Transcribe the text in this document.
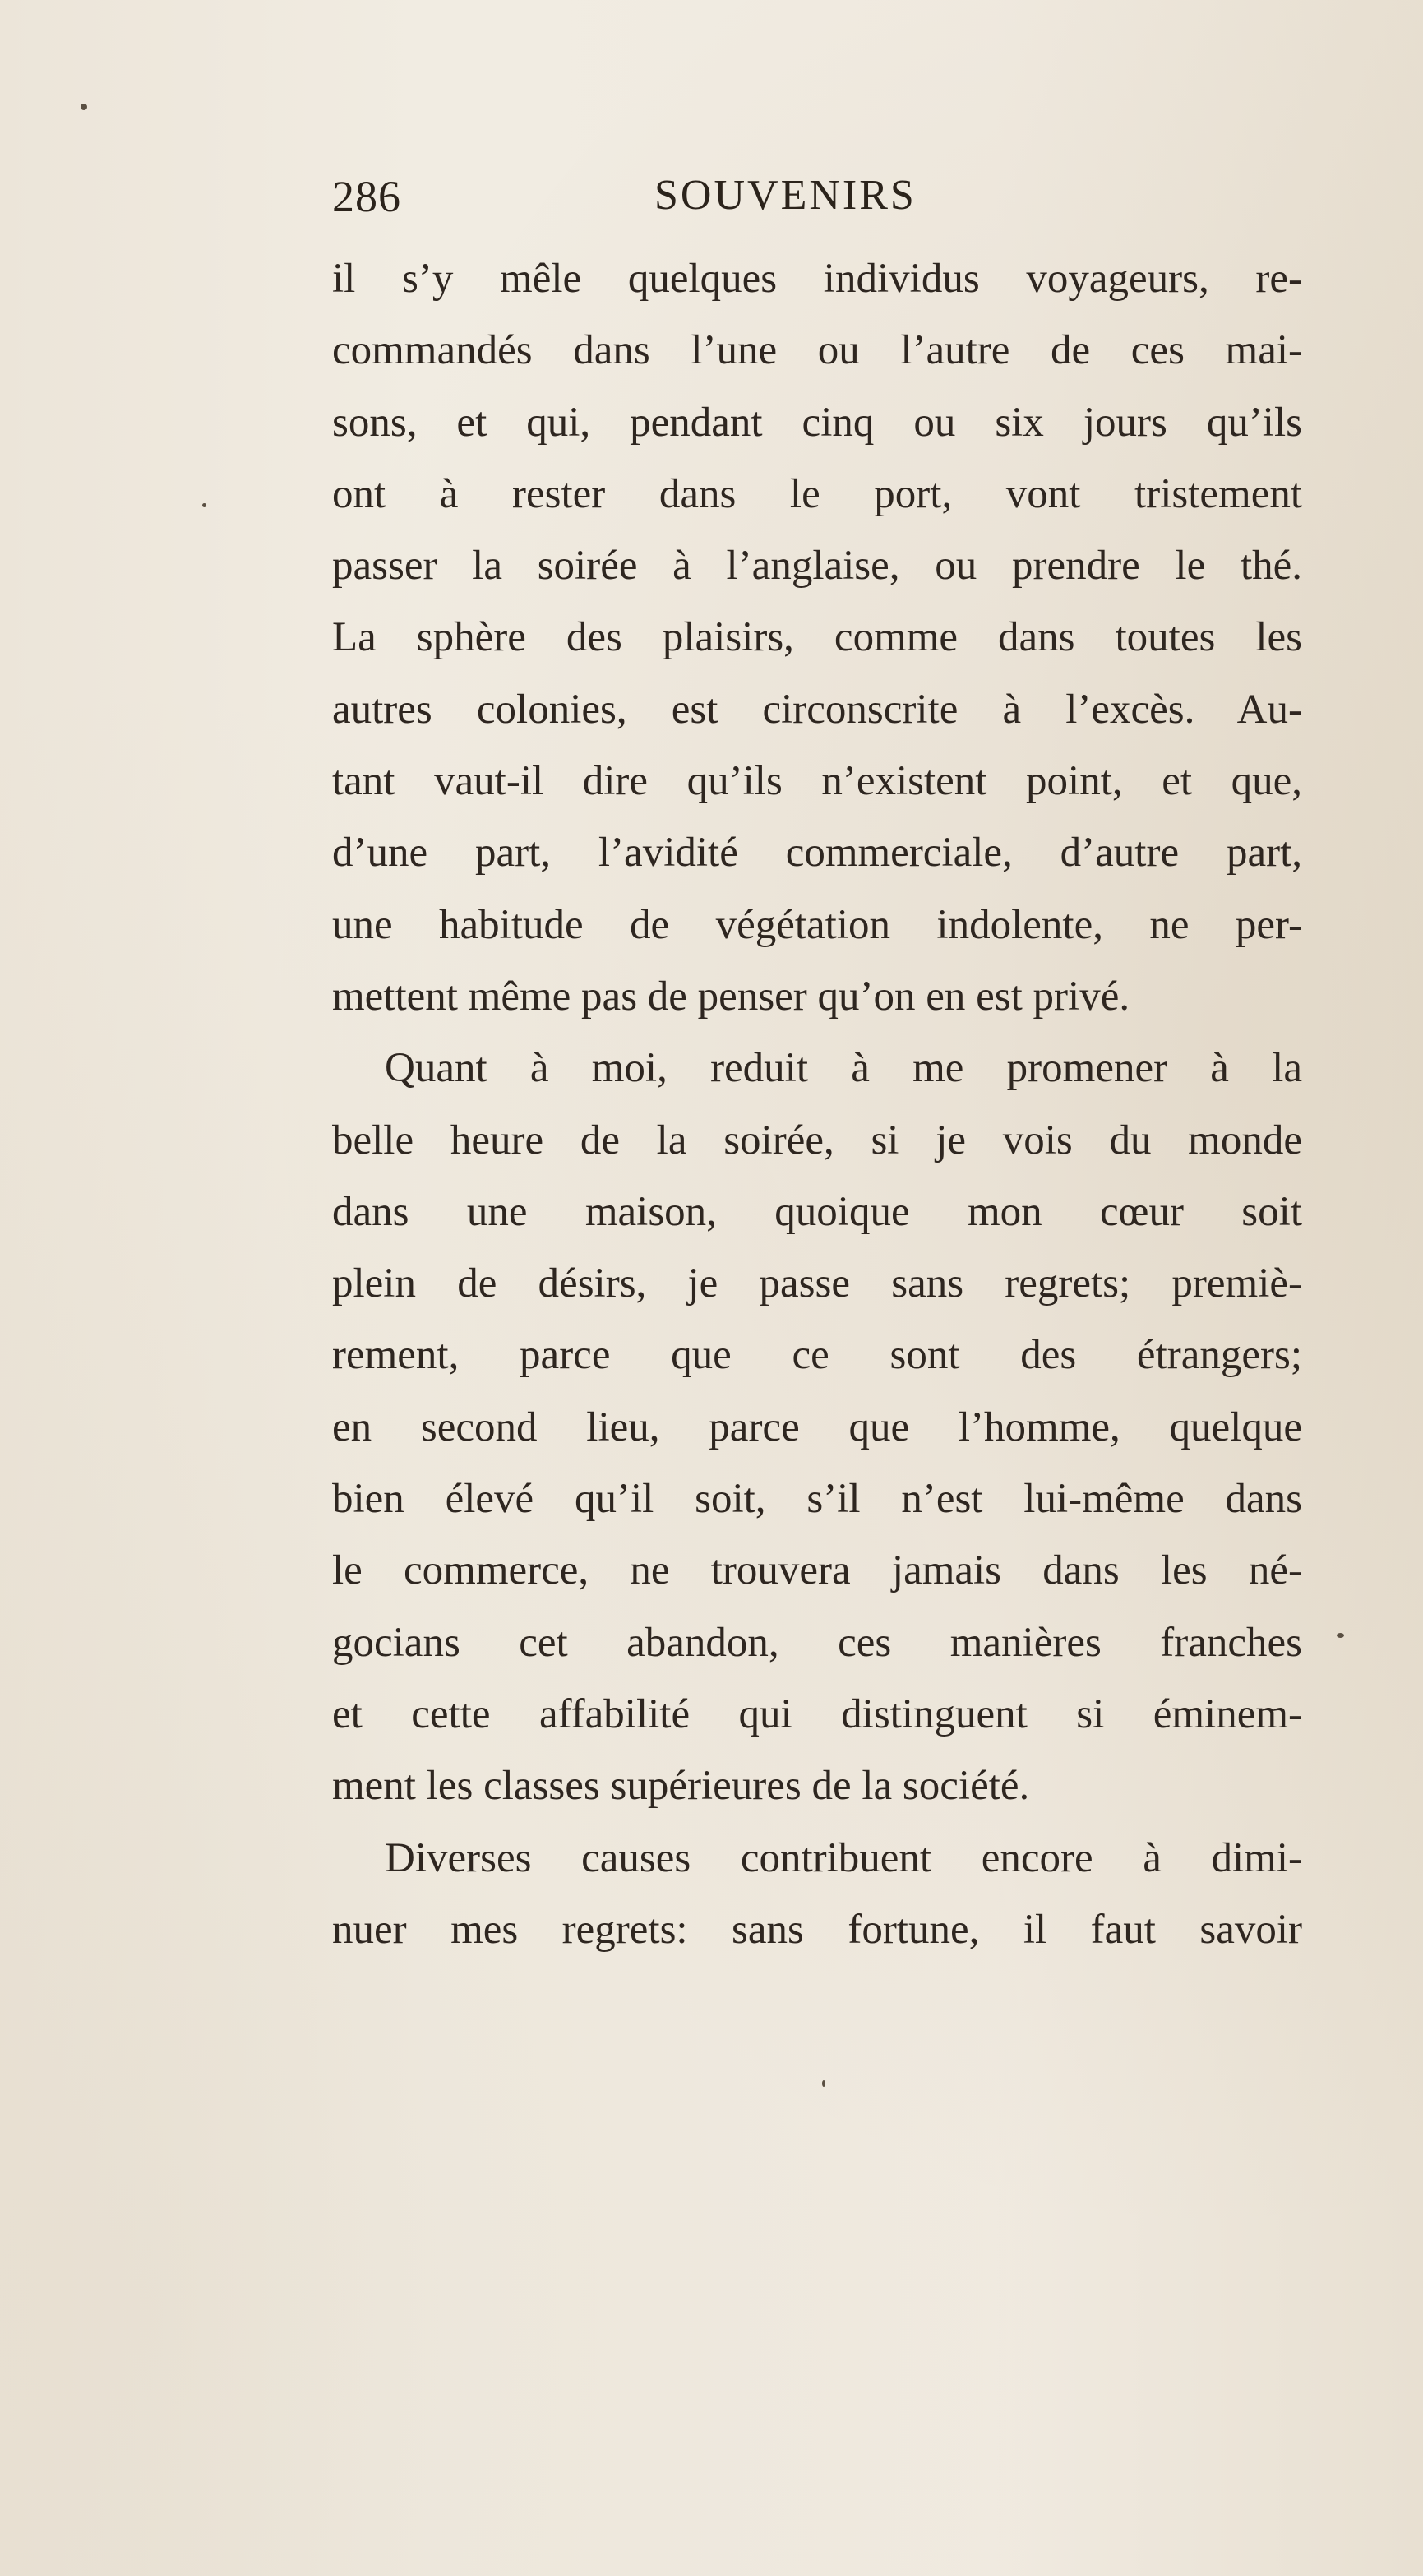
286	SOUVENIRS
il s’y mêle quelques individus voyageurs, re-
commandés dans l’une ou l’autre de ces mai-
sons, et qui, pendant cinq ou six jours qu’ils
ont à rester dans le port, vont tristement
passer la soirée à l’anglaise, ou prendre le thé.
La sphère des plaisirs, comme dans toutes les
autres colonies, est circonscrite à l’excès. Au-
tant vaut-il dire qu’ils n’existent point, et que,
d’une part, l’avidité commerciale, d’autre part,
une habitude de végétation indolente, ne per-
mettent même pas de penser qu’on en est privé.
Quant à moi, reduit à me promener à la
belle heure de la soirée, si je vois du monde
dans une maison, quoique mon cœur soit
plein de désirs, je passe sans regrets; premiè-
rement, parce que ce sont des étrangers;
en second lieu, parce que l’homme, quelque
bien élevé qu’il soit, s’il n’est lui-même dans
le commerce, ne trouvera jamais dans les né-
gocians cet abandon, ces manières franches
et cette affabilité qui distinguent si éminem-
ment les classes supérieures de la société.
Diverses causes contribuent encore à dimi-
nuer mes regrets: sans fortune, il faut savoir
